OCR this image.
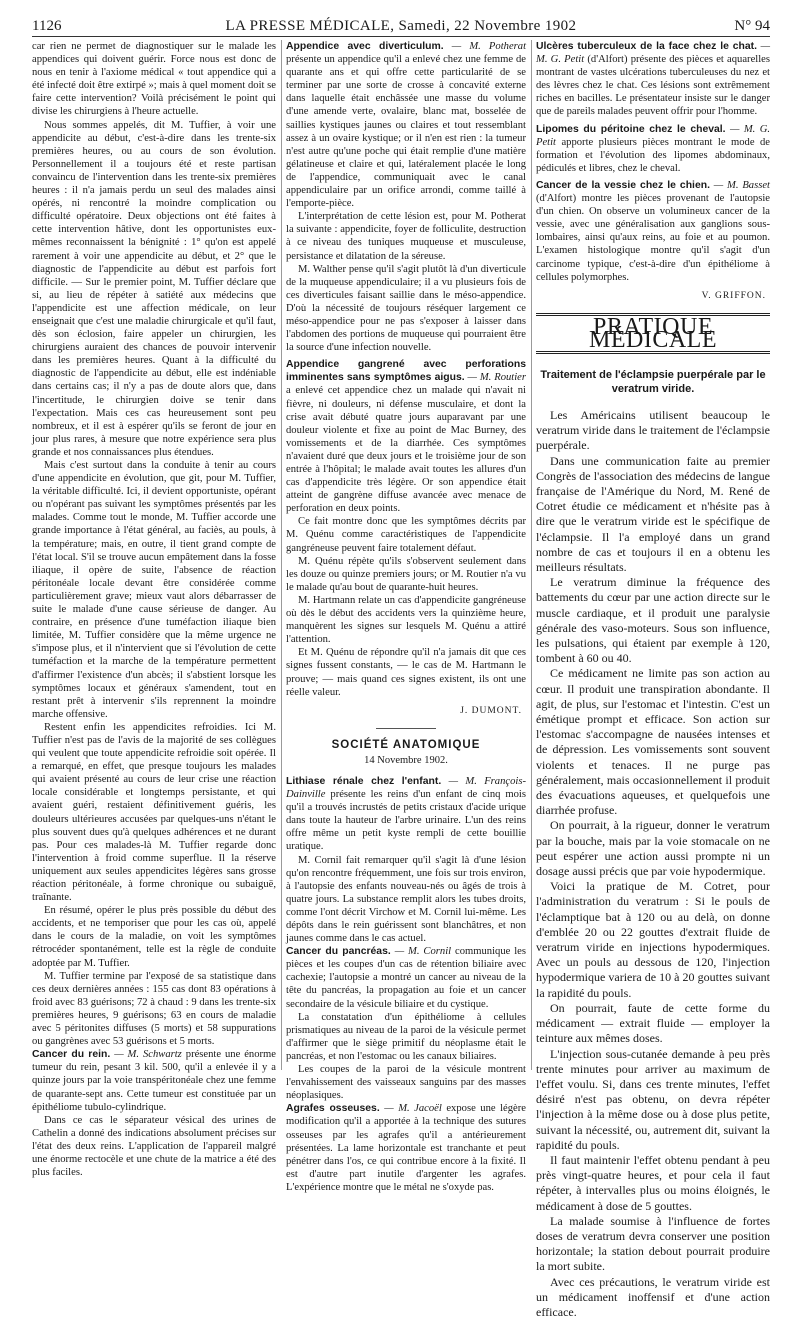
1126	LA PRESSE MÉDICALE, Samedi, 22 Novembre 1902	N° 94

car rien ne permet de diagnostiquer sur le malade les appendices qui doivent guérir. Force nous est donc de nous en tenir à l'axiome médical « tout appendice qui a été infecté doit être extirpé »; mais à quel moment doit se faire cette intervention? Voilà précisément le point qui divise les chirurgiens à l'heure actuelle.

Nous sommes appelés, dit M. Tuffier, à voir une appendicite au début, c'est-à-dire dans les trente-six premières heures, ou au cours de son évolution. Personnellement il a toujours été et reste partisan convaincu de l'intervention dans les trente-six premières heures : il n'a jamais perdu un seul des malades ainsi opérés, ni rencontré la moindre complication ou difficulté opératoire. Deux objections ont été faites à cette intervention hâtive, dont les opportunistes eux-mêmes reconnaissent la bénignité : 1° qu'on est appelé rarement à voir une appendicite au début, et 2° que le diagnostic de l'appendicite au début est parfois fort difficile. — Sur le premier point, M. Tuffier déclare que si, au lieu de répéter à satiété aux médecins que l'appendicite est une affection médicale, on leur enseignait que c'est une maladie chirurgicale et qu'il faut, dès son éclosion, faire appeler un chirurgien, les chirurgiens auraient des chances de pouvoir intervenir dans les premières heures. Quant à la difficulté du diagnostic de l'appendicite au début, elle est indéniable dans certains cas; il n'y a pas de doute alors que, dans l'incertitude, le chirurgien doive se tenir dans l'expectation. Mais ces cas heureusement sont peu nombreux, et il est à espérer qu'ils se feront de jour en jour plus rares, à mesure que notre expérience sera plus grande et nos connaissances plus étendues.

Mais c'est surtout dans la conduite à tenir au cours d'une appendicite en évolution, que git, pour M. Tuffier, la véritable difficulté. Ici, il devient opportuniste, opérant ou n'opérant pas suivant les symptômes présentés par les malades. Comme tout le monde, M. Tuffier accorde une grande importance à l'état général, au faciès, au pouls, à la température; mais, en outre, il tient grand compte de l'état local. S'il se trouve aucun empâtement dans la fosse iliaque, il opère de suite, l'absence de réaction péritonéale locale devant être considérée comme particulièrement grave; mieux vaut alors débarrasser de suite le malade d'une cause sérieuse de danger. Au contraire, en présence d'une tuméfaction iliaque bien limitée, M. Tuffier considère que la même urgence ne s'impose plus, et il n'intervient que si l'évolution de cette tuméfaction et la marche de la température permettent d'affirmer l'existence d'un abcès; il s'abstient lorsque les symptômes locaux et généraux s'amendent, tout en restant prêt à intervenir s'ils reprennent la moindre marche offensive.

Restent enfin les appendicites refroidies. Ici M. Tuffier n'est pas de l'avis de la majorité de ses collègues qui veulent que toute appendicite refroidie soit opérée. Il a remarqué, en effet, que presque toujours les malades qui avaient présenté au cours de leur crise une réaction locale considérable et longtemps persistante, et qui avaient guéri, restaient définitivement guéris, les douleurs ultérieures accusées par quelques-uns n'étant le plus souvent dues qu'à quelques adhérences et ne durant pas. Pour ces malades-là M. Tuffier regarde donc l'intervention à froid comme superflue. Il la réserve uniquement aux seules appendicites légères sans grosse réaction péritonéale, à forme chronique ou subaiguë, traînante.

En résumé, opérer le plus près possible du début des accidents, et ne temporiser que pour les cas où, appelé dans le cours de la maladie, on voit les symptômes rétrocéder spontanément, telle est la règle de conduite adoptée par M. Tuffier.

M. Tuffier termine par l'exposé de sa statistique dans ces deux dernières années : 155 cas dont 83 opérations à froid avec 83 guérisons; 72 à chaud : 9 dans les trente-six premières heures, 9 guérisons; 63 en cours de maladie avec 5 péritonites diffuses (5 morts) et 58 suppurations ou gangrènes avec 53 guérisons et 5 morts.

Cancer du rein. — M. Schwartz présente une énorme tumeur du rein, pesant 3 kil. 500, qu'il a enlevée il y a quinze jours par la voie transpéritonéale chez une femme de quarante-sept ans. Cette tumeur est constituée par un épithéliome tubulo-cylindrique.

Dans ce cas le séparateur vésical des urines de Cathelin a donné des indications absolument précises sur l'état des deux reins. L'application de l'appareil malgré une énorme rectocèle et une chute de la matrice a été des plus faciles.

Appendice avec diverticulum. — M. Potherat présente un appendice qu'il a enlevé chez une femme de quarante ans et qui offre cette particularité de se terminer par une sorte de crosse à concavité externe dans laquelle était enchâssée une masse du volume d'une amende verte, ovalaire, blanc mat, bosselée de saillies kystiques jaunes ou claires et tout ressemblant assez à un ovaire kystique; or il n'en est rien : la tumeur n'est autre qu'une poche qui était remplie d'une matière gélatineuse et claire et qui, latéralement placée le long de l'appendice, communiquait avec le canal appendiculaire par un orifice arrondi, comme taillé à l'emporte-pièce.

L'interprétation de cette lésion est, pour M. Potherat la suivante : appendicite, foyer de folliculite, destruction à ce niveau des tuniques muqueuse et musculeuse, persistance et dilatation de la séreuse.

M. Walther pense qu'il s'agit plutôt là d'un diverticule de la muqueuse appendiculaire; il a vu plusieurs fois de ces diverticules faisant saillie dans le méso-appendice. D'où la nécessité de toujours réséquer largement ce méso-appendice pour ne pas s'exposer à laisser dans l'abdomen des portions de muqueuse qui pourraient être la source d'une infection nouvelle.

Appendice gangrené avec perforations imminentes sans symptômes aigus. — M. Routier a enlevé cet appendice chez un malade qui n'avait ni fièvre, ni douleurs, ni défense musculaire, et dont la crise avait débuté quatre jours auparavant par une douleur violente et fixe au point de Mac Burney, des vomissements et de la diarrhée. Ces symptômes n'avaient duré que deux jours et le troisième jour de son entrée à l'hôpital; le malade avait toutes les allures d'un cas d'appendicite très légère. Or son appendice était atteint de gangrène diffuse avancée avec menace de perforation en deux points.

Ce fait montre donc que les symptômes décrits par M. Quénu comme caractéristiques de l'appendicite gangréneuse peuvent faire totalement défaut.

M. Quénu répète qu'ils s'observent seulement dans les douze ou quinze premiers jours; or M. Routier n'a vu le malade qu'au bout de quarante-huit heures.

M. Hartmann relate un cas d'appendicite gangréneuse où dès le début des accidents vers la quinzième heure, manquèrent les signes sur lesquels M. Quénu a attiré l'attention.

Et M. Quénu de répondre qu'il n'a jamais dit que ces signes fussent constants, — le cas de M. Hartmann le prouve; — mais quand ces signes existent, ils ont une réelle valeur.

J. DUMONT.

SOCIÉTÉ ANATOMIQUE

14 Novembre 1902.

Lithiase rénale chez l'enfant. — M. François-Dainville présente les reins d'un enfant de cinq mois qu'il a trouvés incrustés de petits cristaux d'acide urique dans toute la hauteur de l'arbre urinaire. L'un des reins offre même un petit kyste rempli de cette bouillie uratique.

M. Cornil fait remarquer qu'il s'agit là d'une lésion qu'on rencontre fréquemment, une fois sur trois environ, à l'autopsie des enfants nouveau-nés ou âgés de trois à quatre jours. La substance remplit alors les tubes droits, comme l'ont décrit Virchow et M. Cornil lui-même. Les dépôts dans le rein guérissent sont blanchâtres, et non jaunes comme dans le cas actuel.

Cancer du pancréas. — M. Cornil communique les pièces et les coupes d'un cas de rétention biliaire avec cachexie; l'autopsie a montré un cancer au niveau de la tête du pancréas, la propagation au foie et un cancer secondaire de la vésicule biliaire et du cystique.

La constatation d'un épithéliome à cellules prismatiques au niveau de la paroi de la vésicule permet d'affirmer que le siège primitif du néoplasme était le pancréas, et non l'estomac ou les canaux biliaires.

Les coupes de la paroi de la vésicule montrent l'envahissement des vaisseaux sanguins par des masses néoplasiques.

Agrafes osseuses. — M. Jacoël expose une légère modification qu'il a apportée à la technique des sutures osseuses par les agrafes qu'il a antérieurement présentées. La lame horizontale est tranchante et peut pénétrer dans l'os, ce qui contribue encore à la fixité. Il est d'autre part inutile d'argenter les agrafes. L'expérience montre que le métal ne s'oxyde pas.

Ulcères tuberculeux de la face chez le chat. — M. G. Petit (d'Alfort) présente des pièces et aquarelles montrant de vastes ulcérations tuberculeuses du nez et des lèvres chez le chat. Ces lésions sont extrêmement riches en bacilles. Le présentateur insiste sur le danger que de pareils malades peuvent offrir pour l'homme.

Lipomes du péritoine chez le cheval. — M. G. Petit apporte plusieurs pièces montrant le mode de formation et l'évolution des lipomes abdominaux, pédiculés et libres, chez le cheval.

Cancer de la vessie chez le chien. — M. Basset (d'Alfort) montre les pièces provenant de l'autopsie d'un chien. On observe un volumineux cancer de la vessie, avec une généralisation aux ganglions sous-lombaires, ainsi qu'aux reins, au foie et au poumon. L'examen histologique montre qu'il s'agit d'un carcinome typique, c'est-à-dire d'un épithéliome à cellules polymorphes.

V. GRIFFON.

PRATIQUE MÉDICALE

Traitement de l'éclampsie puerpérale par le veratrum viride.

Les Américains utilisent beaucoup le veratrum viride dans le traitement de l'éclampsie puerpérale.

Dans une communication faite au premier Congrès de l'association des médecins de langue française de l'Amérique du Nord, M. René de Cotret étudie ce médicament et n'hésite pas à dire que le veratrum viride est le spécifique de l'éclampsie. Il l'a employé dans un grand nombre de cas et toujours il en a obtenu les meilleurs résultats.

Le veratrum diminue la fréquence des battements du cœur par une action directe sur le muscle cardiaque, et il produit une paralysie générale des vaso-moteurs. Sous son influence, les pulsations, qui étaient par exemple à 120, tombent à 60 ou 40.

Ce médicament ne limite pas son action au cœur. Il produit une transpiration abondante. Il agit, de plus, sur l'estomac et l'intestin. C'est un émétique prompt et efficace. Son action sur l'estomac s'accompagne de nausées intenses et de dépression. Les vomissements sont souvent violents et tenaces. Il ne purge pas généralement, mais occasionnellement il produit des évacuations aqueuses, et quelquefois une diarrhée profuse.

On pourrait, à la rigueur, donner le veratrum par la bouche, mais par la voie stomacale on ne peut espérer une action aussi prompte ni un dosage aussi précis que par voie hypodermique.

Voici la pratique de M. Cotret, pour l'administration du veratrum : Si le pouls de l'éclamptique bat à 120 ou au delà, on donne d'emblée 20 ou 22 gouttes d'extrait fluide de veratrum viride en injections hypodermiques. Avec un pouls au dessous de 120, l'injection hypodermique variera de 10 à 20 gouttes suivant la rapidité du pouls.

On pourrait, faute de cette forme du médicament — extrait fluide — employer la teinture aux mêmes doses.

L'injection sous-cutanée demande à peu près trente minutes pour arriver au maximum de l'effet voulu. Si, dans ces trente minutes, l'effet désiré n'est pas obtenu, on devra répéter l'injection à la même dose ou à dose plus petite, suivant la nécessité, ou, autrement dit, suivant la rapidité du pouls.

Il faut maintenir l'effet obtenu pendant à peu près vingt-quatre heures, et pour cela il faut répéter, à intervalles plus ou moins éloignés, le médicament à dose de 5 gouttes.

La malade soumise à l'influence de fortes doses de veratrum devra conserver une position horizontale; la station debout pourrait produire la mort subite.

Avec ces précautions, le veratrum viride est un médicament inoffensif et d'une action efficace.
